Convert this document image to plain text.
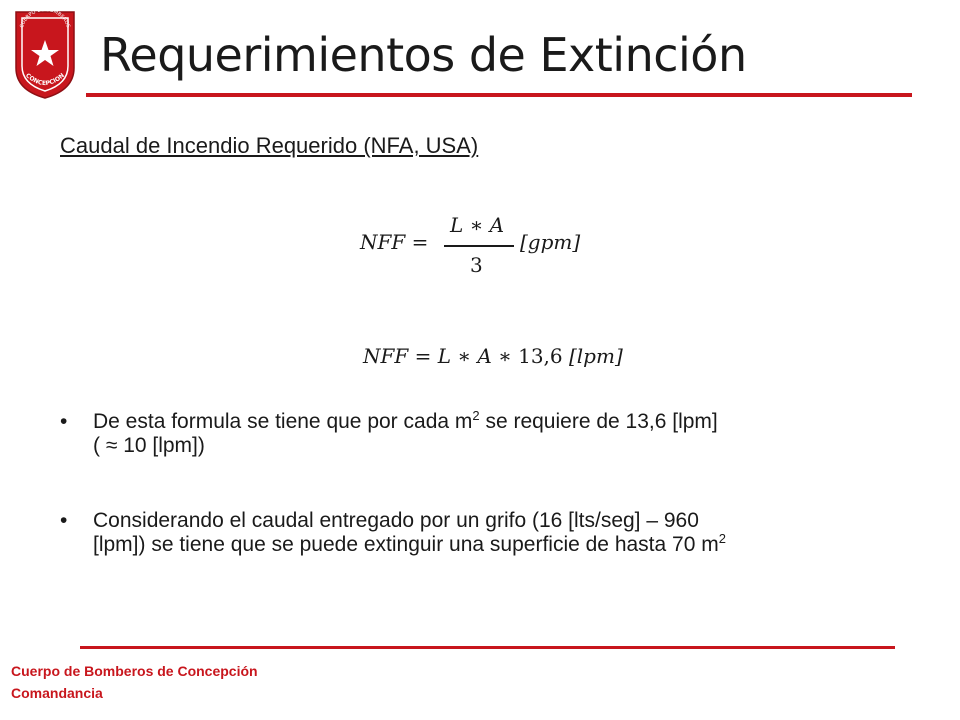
CUERPO DE BOMBEROS
CONCEPCION Requerimientos de Extinción
Caudal de Incendio Requerido (NFA, USA)
NFF =
L ∗ A
3
[gpm]
NFF = L ∗ A ∗ 13,6 [lpm]
• De esta formula se tiene que por cada $m^2$ se requiere de 13,6 [lpm]
( ≈ 10 [lpm])
• Considerando el caudal entregado por un grifo (16 [lts/seg] – 960
[lpm]) se tiene que se puede extinguir una superficie de hasta 70 $m^2$
Cuerpo de Bomberos de Concepción
Comandancia
